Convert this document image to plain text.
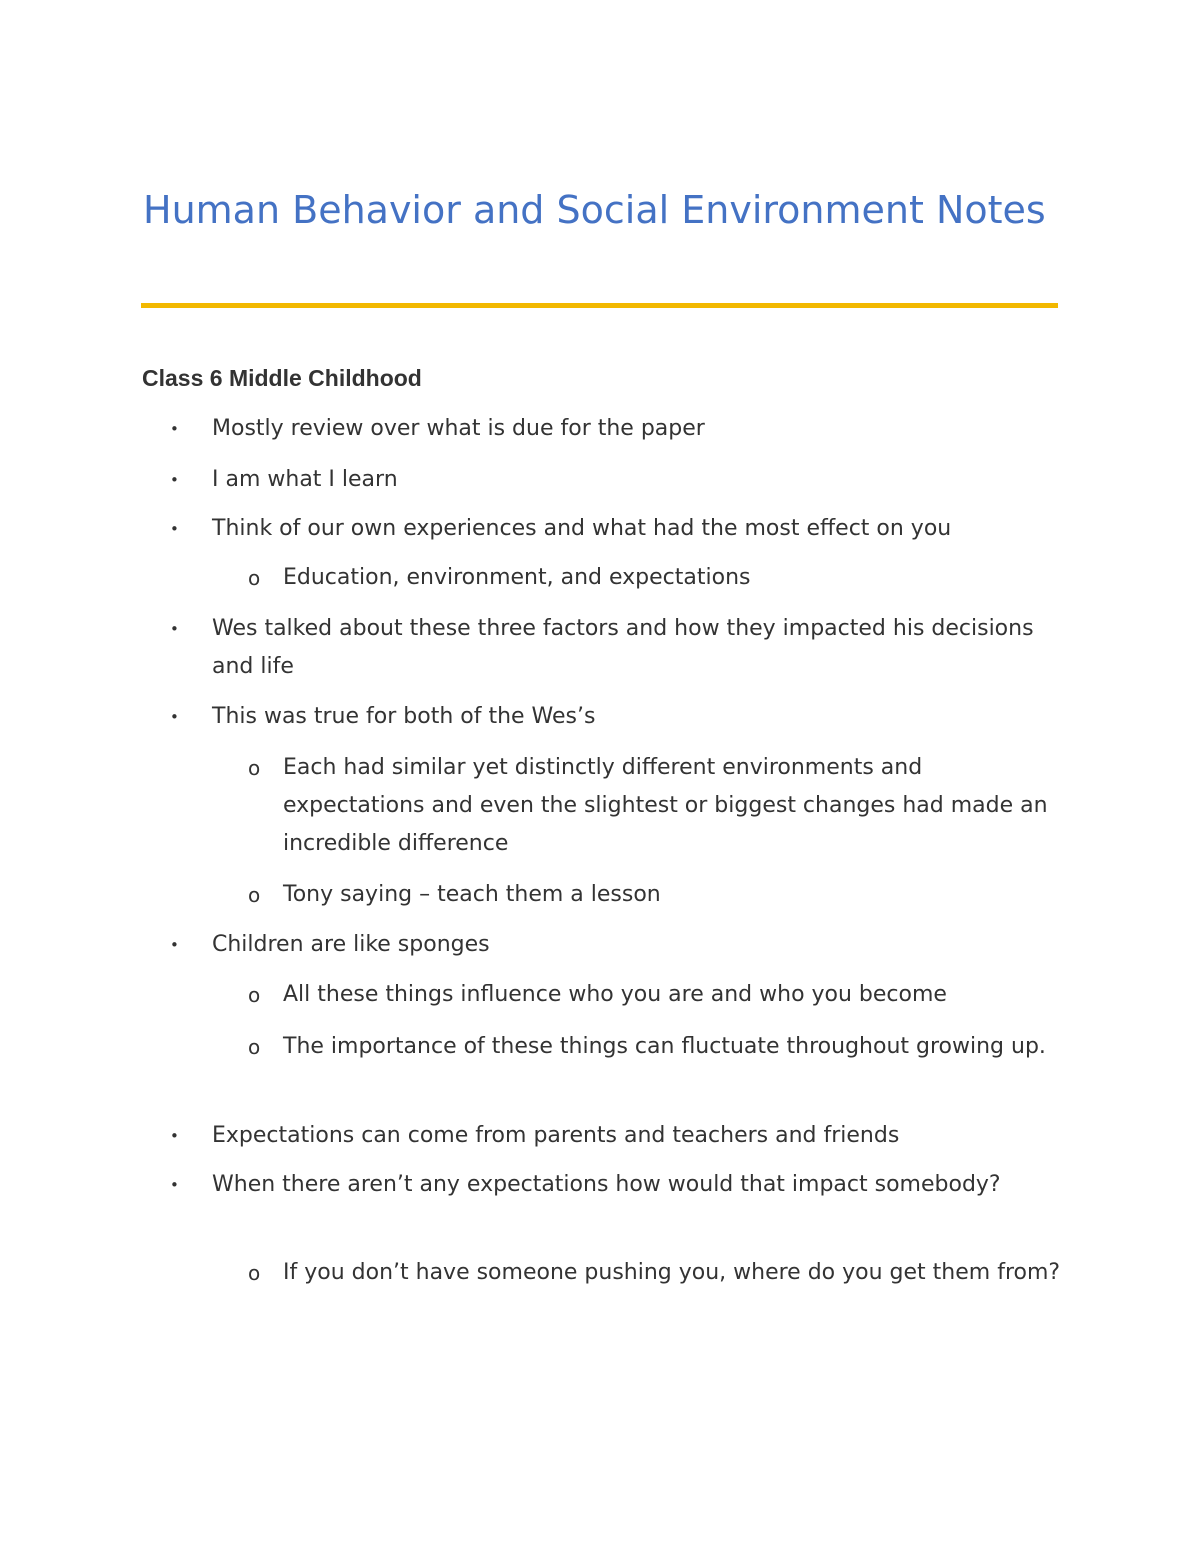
Human Behavior and Social Environment Notes
Class 6 Middle Childhood
•	Mostly review over what is due for the paper
•	I am what I learn
•	Think of our own experiences and what had the most effect on you
o Education, environment, and expectations
•	Wes talked about these three factors and how they impacted his decisions and life
•	This was true for both of the Wes’s
o Each had similar yet distinctly different environments and expectations and even the slightest or biggest changes had made an incredible difference
o Tony saying – teach them a lesson
•	Children are like sponges
o All these things influence who you are and who you become
o The importance of these things can fluctuate throughout growing up.
•	Expectations can come from parents and teachers and friends
•	When there aren’t any expectations how would that impact somebody?
o If you don’t have someone pushing you, where do you get them from?
